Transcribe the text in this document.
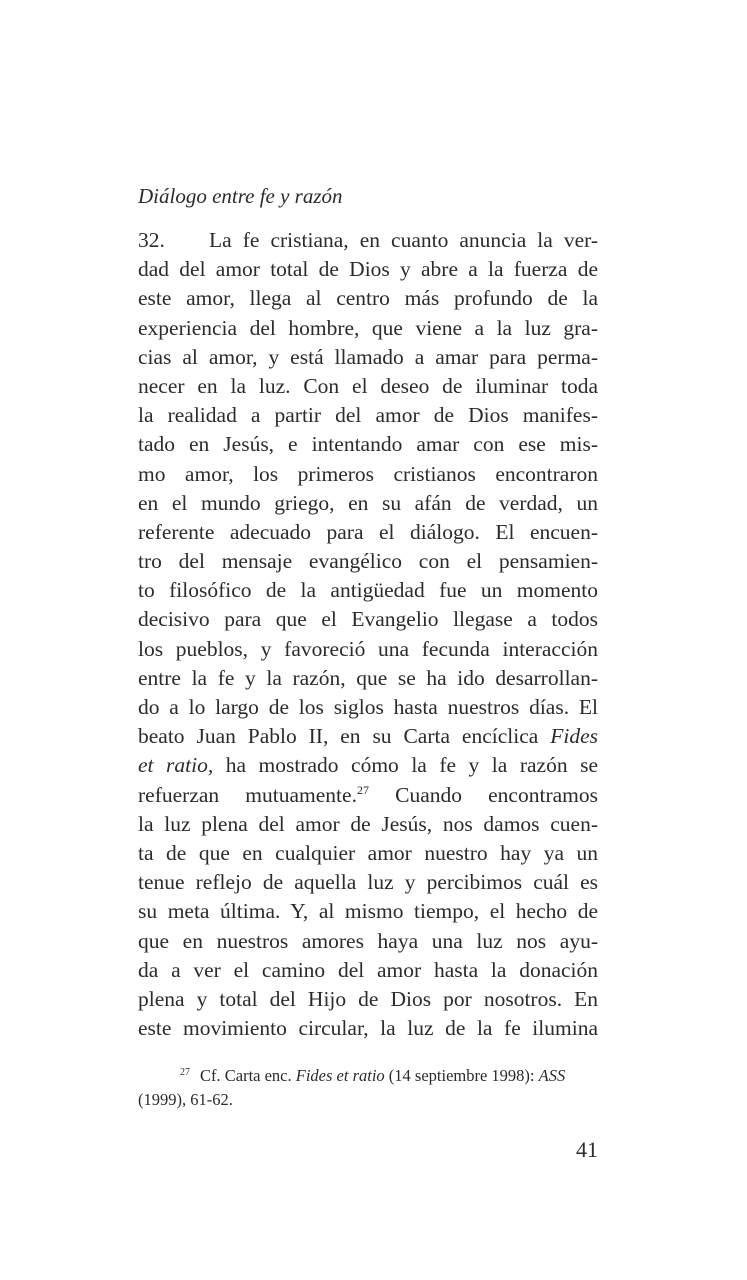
Diálogo entre fe y razón
32. La fe cristiana, en cuanto anuncia la ver-
dad del amor total de Dios y abre a la fuerza de
este amor, llega al centro más profundo de la
experiencia del hombre, que viene a la luz gra-
cias al amor, y está llamado a amar para perma-
necer en la luz. Con el deseo de iluminar toda
la realidad a partir del amor de Dios manifes-
tado en Jesús, e intentando amar con ese mis-
mo amor, los primeros cristianos encontraron
en el mundo griego, en su afán de verdad, un
referente adecuado para el diálogo. El encuen-
tro del mensaje evangélico con el pensamien-
to filosófico de la antigüedad fue un momento
decisivo para que el Evangelio llegase a todos
los pueblos, y favoreció una fecunda interacción
entre la fe y la razón, que se ha ido desarrollan-
do a lo largo de los siglos hasta nuestros días. El
beato Juan Pablo II, en su Carta encíclica Fides
et ratio, ha mostrado cómo la fe y la razón se
refuerzan mutuamente.$^{27}$ Cuando encontramos
la luz plena del amor de Jesús, nos damos cuen-
ta de que en cualquier amor nuestro hay ya un
tenue reflejo de aquella luz y percibimos cuál es
su meta última. Y, al mismo tiempo, el hecho de
que en nuestros amores haya una luz nos ayu-
da a ver el camino del amor hasta la donación
plena y total del Hijo de Dios por nosotros. En
este movimiento circular, la luz de la fe ilumina
$^{27}$ Cf. Carta enc. Fides et ratio (14 septiembre 1998): ASS
(1999), 61-62.
41
